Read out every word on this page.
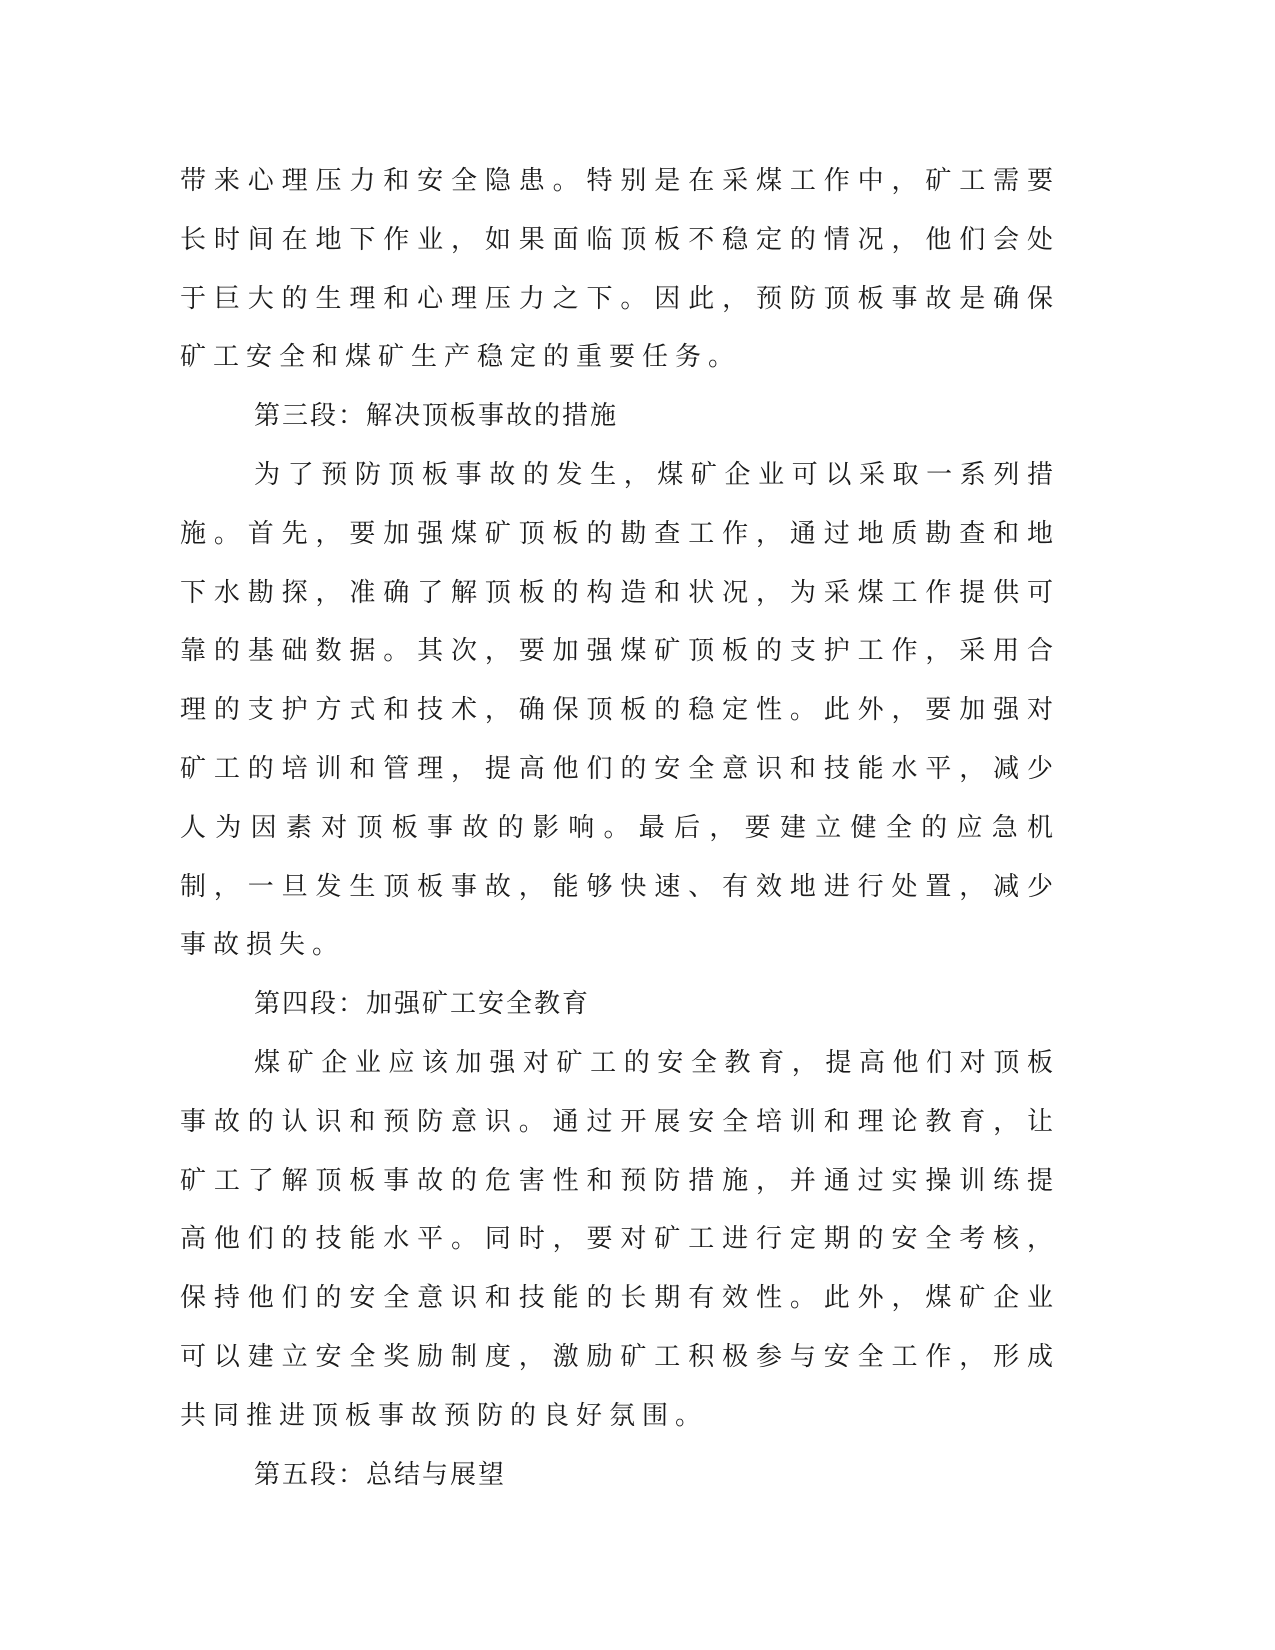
带来心理压力和安全隐患。特别是在采煤工作中，矿工需要长时间在地下作业，如果面临顶板不稳定的情况，他们会处于巨大的生理和心理压力之下。因此，预防顶板事故是确保矿工安全和煤矿生产稳定的重要任务。

第三段：解决顶板事故的措施

为了预防顶板事故的发生，煤矿企业可以采取一系列措施。首先，要加强煤矿顶板的勘查工作，通过地质勘查和地下水勘探，准确了解顶板的构造和状况，为采煤工作提供可靠的基础数据。其次，要加强煤矿顶板的支护工作，采用合理的支护方式和技术，确保顶板的稳定性。此外，要加强对矿工的培训和管理，提高他们的安全意识和技能水平，减少人为因素对顶板事故的影响。最后，要建立健全的应急机制，一旦发生顶板事故，能够快速、有效地进行处置，减少事故损失。

第四段：加强矿工安全教育

煤矿企业应该加强对矿工的安全教育，提高他们对顶板事故的认识和预防意识。通过开展安全培训和理论教育，让矿工了解顶板事故的危害性和预防措施，并通过实操训练提高他们的技能水平。同时，要对矿工进行定期的安全考核，保持他们的安全意识和技能的长期有效性。此外，煤矿企业可以建立安全奖励制度，激励矿工积极参与安全工作，形成共同推进顶板事故预防的良好氛围。

第五段：总结与展望
